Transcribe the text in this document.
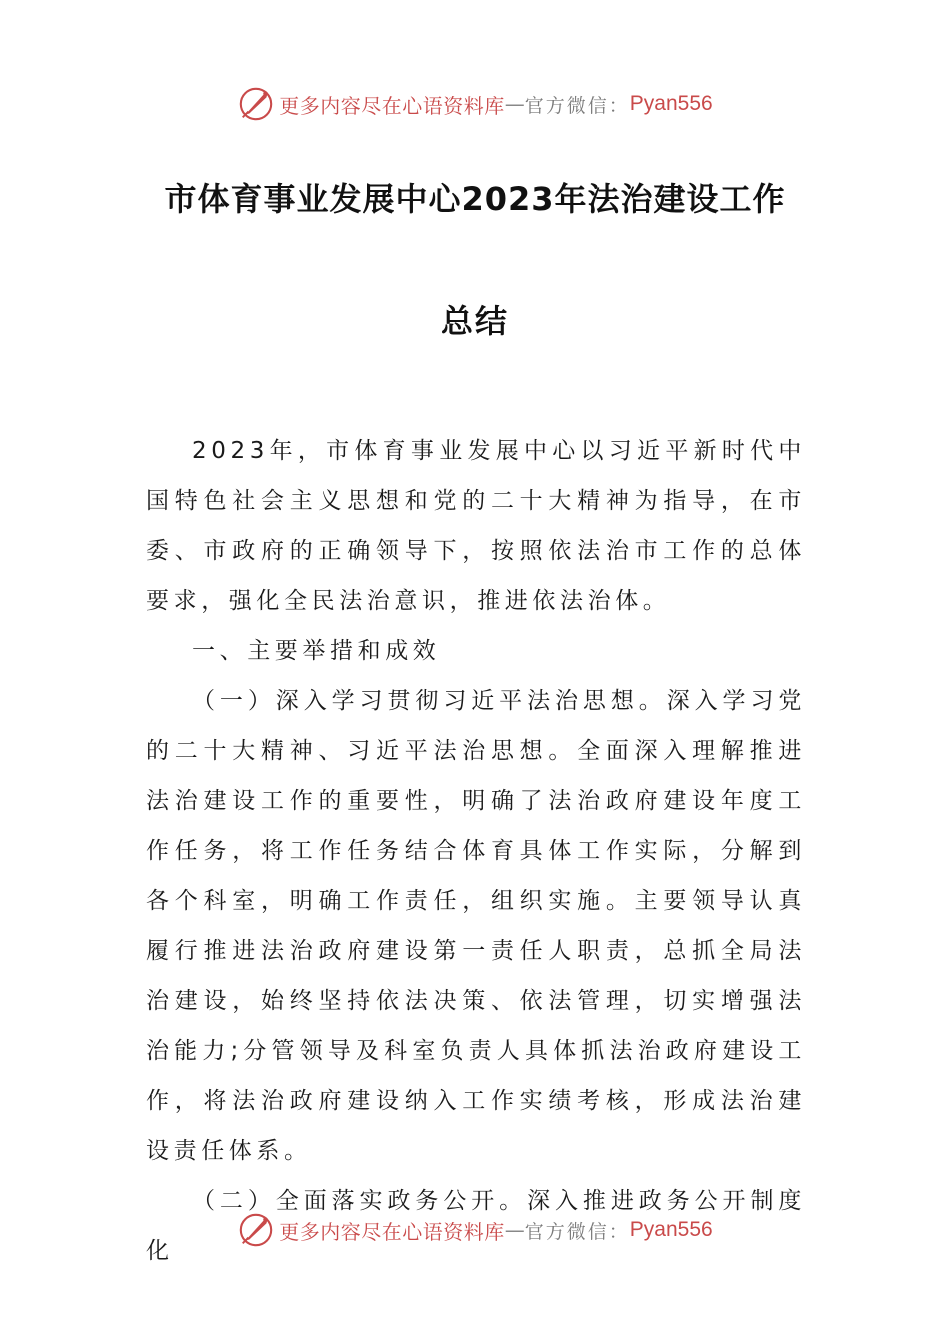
更多内容尽在心语资料库 — 官方微信： Pyan556
市体育事业发展中心2023年法治建设工作
总结

2023年，市体育事业发展中心以习近平新时代中国特色社会主义思想和党的二十大精神为指导，在市委、市政府的正确领导下，按照依法治市工作的总体要求，强化全民法治意识，推进依法治体。

一、主要举措和成效

（一）深入学习贯彻习近平法治思想。深入学习党的二十大精神、习近平法治思想。全面深入理解推进法治建设工作的重要性，明确了法治政府建设年度工作任务，将工作任务结合体育具体工作实际，分解到各个科室，明确工作责任，组织实施。主要领导认真履行推进法治政府建设第一责任人职责，总抓全局法治建设，始终坚持依法决策、依法管理，切实增强法治能力;分管领导及科室负责人具体抓法治政府建设工作，将法治政府建设纳入工作实绩考核，形成法治建设责任体系。

（二）全面落实政务公开。深入推进政务公开制度化

更多内容尽在心语资料库 — 官方微信： Pyan556
